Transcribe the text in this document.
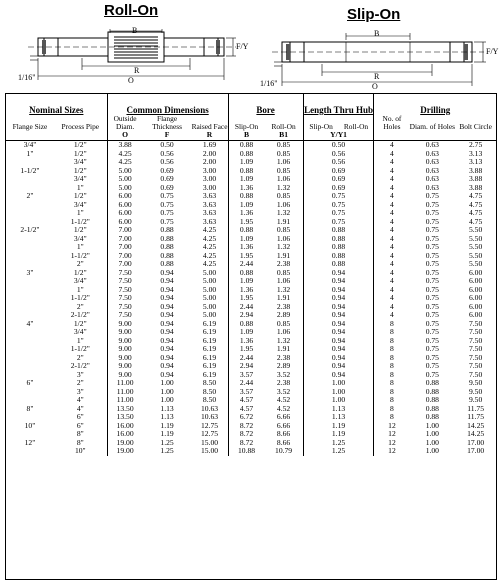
Roll-On	Slip-On
B
F/Y
R
O
1/16"
B
F/Y
R
O
1/16"
Nominal Sizes		Common Dimensions			Bore		Length Thru Hub		Drilling		
Flange Size	Process Pipe	Outside Diam.	Flange Thickness	Raised Face	Slip-On	Roll-On	Slip-On	Roll-On	No. of Holes	Diam. of Holes	Bolt Circle
		O	F	R	B	B1	Y/Y1				
3/4"	1/2"	3.88	0.50	1.69	0.88	0.85	0.50		4	0.63	2.75
1"	1/2"	4.25	0.56	2.00	0.88	0.85	0.56		4	0.63	3.13
	3/4"	4.25	0.56	2.00	1.09	1.06	0.56		4	0.63	3.13
1-1/2"	1/2"	5.00	0.69	3.00	0.88	0.85	0.69		4	0.63	3.88
	3/4"	5.00	0.69	3.00	1.09	1.06	0.69		4	0.63	3.88
	1"	5.00	0.69	3.00	1.36	1.32	0.69		4	0.63	3.88
2"	1/2"	6.00	0.75	3.63	0.88	0.85	0.75		4	0.75	4.75
	3/4"	6.00	0.75	3.63	1.09	1.06	0.75		4	0.75	4.75
	1"	6.00	0.75	3.63	1.36	1.32	0.75		4	0.75	4.75
	1-1/2"	6.00	0.75	3.63	1.95	1.91	0.75		4	0.75	4.75
2-1/2"	1/2"	7.00	0.88	4.25	0.88	0.85	0.88		4	0.75	5.50
	3/4"	7.00	0.88	4.25	1.09	1.06	0.88		4	0.75	5.50
	1"	7.00	0.88	4.25	1.36	1.32	0.88		4	0.75	5.50
	1-1/2"	7.00	0.88	4.25	1.95	1.91	0.88		4	0.75	5.50
	2"	7.00	0.88	4.25	2.44	2.38	0.88		4	0.75	5.50
3"	1/2"	7.50	0.94	5.00	0.88	0.85	0.94		4	0.75	6.00
	3/4"	7.50	0.94	5.00	1.09	1.06	0.94		4	0.75	6.00
	1"	7.50	0.94	5.00	1.36	1.32	0.94		4	0.75	6.00
	1-1/2"	7.50	0.94	5.00	1.95	1.91	0.94		4	0.75	6.00
	2"	7.50	0.94	5.00	2.44	2.38	0.94		4	0.75	6.00
	2-1/2"	7.50	0.94	5.00	2.94	2.89	0.94		4	0.75	6.00
4"	1/2"	9.00	0.94	6.19	0.88	0.85	0.94		8	0.75	7.50
	3/4"	9.00	0.94	6.19	1.09	1.06	0.94		8	0.75	7.50
	1"	9.00	0.94	6.19	1.36	1.32	0.94		8	0.75	7.50
	1-1/2"	9.00	0.94	6.19	1.95	1.91	0.94		8	0.75	7.50
	2"	9.00	0.94	6.19	2.44	2.38	0.94		8	0.75	7.50
	2-1/2"	9.00	0.94	6.19	2.94	2.89	0.94		8	0.75	7.50
	3"	9.00	0.94	6.19	3.57	3.52	0.94		8	0.75	7.50
6"	2"	11.00	1.00	8.50	2.44	2.38	1.00		8	0.88	9.50
	3"	11.00	1.00	8.50	3.57	3.52	1.00		8	0.88	9.50
	4"	11.00	1.00	8.50	4.57	4.52	1.00		8	0.88	9.50
8"	4"	13.50	1.13	10.63	4.57	4.52	1.13		8	0.88	11.75
	6"	13.50	1.13	10.63	6.72	6.66	1.13		8	0.88	11.75
10"	6"	16.00	1.19	12.75	8.72	6.66	1.19		12	1.00	14.25
	8"	16.00	1.19	12.75	8.72	8.66	1.19		12	1.00	14.25
12"	8"	19.00	1.25	15.00	8.72	8.66	1.25		12	1.00	17.00
	10"	19.00	1.25	15.00	10.88	10.79	1.25		12	1.00	17.00
